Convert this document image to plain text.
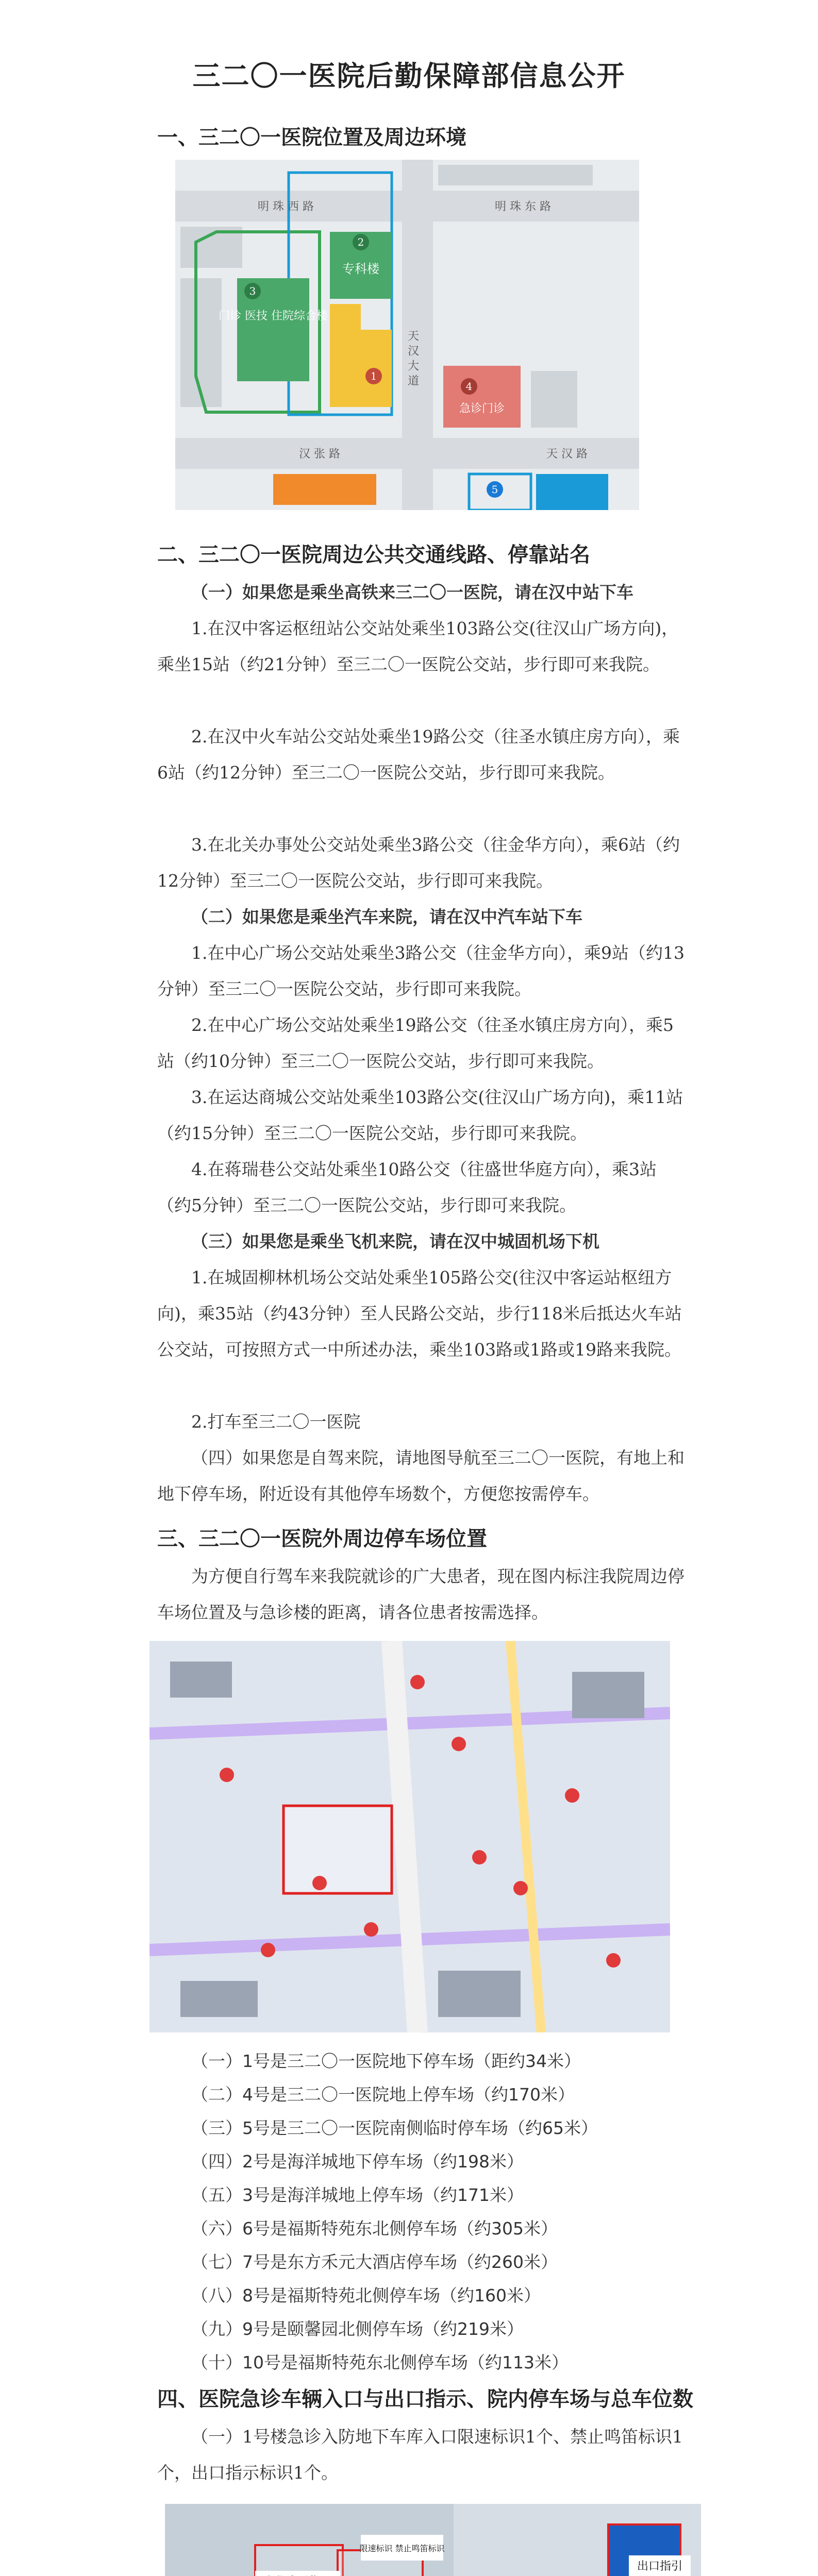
三二〇一医院后勤保障部信息公开
一、三二〇一医院位置及周边环境
3
门诊 医技 住院综合楼
2
专科楼
1
4
急诊门诊
5
明 珠 西 路	明 珠 东 路
天 汉 大 道
汉 张 路	天 汉 路
二、三二〇一医院周边公共交通线路、停靠站名

（一）如果您是乘坐高铁来三二〇一医院，请在汉中站下车

1.在汉中客运枢纽站公交站处乘坐103路公交(往汉山广场方向)，乘坐15站（约21分钟）至三二〇一医院公交站，步行即可来我院。

2.在汉中火车站公交站处乘坐19路公交（往圣水镇庄房方向），乘6站（约12分钟）至三二〇一医院公交站，步行即可来我院。

3.在北关办事处公交站处乘坐3路公交（往金华方向），乘6站（约12分钟）至三二〇一医院公交站，步行即可来我院。

（二）如果您是乘坐汽车来院，请在汉中汽车站下车

1.在中心广场公交站处乘坐3路公交（往金华方向），乘9站（约13分钟）至三二〇一医院公交站，步行即可来我院。

2.在中心广场公交站处乘坐19路公交（往圣水镇庄房方向），乘5站（约10分钟）至三二〇一医院公交站，步行即可来我院。

3.在运达商城公交站处乘坐103路公交(往汉山广场方向)，乘11站（约15分钟）至三二〇一医院公交站，步行即可来我院。

4.在蒋瑞巷公交站处乘坐10路公交（往盛世华庭方向），乘3站（约5分钟）至三二〇一医院公交站，步行即可来我院。

（三）如果您是乘坐飞机来院，请在汉中城固机场下机

1.在城固柳林机场公交站处乘坐105路公交(往汉中客运站枢纽方向)，乘35站（约43分钟）至人民路公交站，步行118米后抵达火车站公交站，可按照方式一中所述办法，乘坐103路或1路或19路来我院。

2.打车至三二〇一医院

（四）如果您是自驾来院，请地图导航至三二〇一医院，有地上和地下停车场，附近设有其他停车场数个，方便您按需停车。

三、三二〇一医院外周边停车场位置

为方便自行驾车来我院就诊的广大患者，现在图内标注我院周边停车场位置及与急诊楼的距离，请各位患者按需选择。

（一）1号是三二〇一医院地下停车场（距约34米）
（二）4号是三二〇一医院地上停车场（约170米）
（三）5号是三二〇一医院南侧临时停车场（约65米）
（四）2号是海洋城地下停车场（约198米）
（五）3号是海洋城地上停车场（约171米）
（六）6号是福斯特苑东北侧停车场（约305米）
（七）7号是东方禾元大酒店停车场（约260米）
（八）8号是福斯特苑北侧停车场（约160米）
（九）9号是颐馨园北侧停车场（约219米）
（十）10号是福斯特苑东北侧停车场（约113米）
四、医院急诊车辆入口与出口指示、院内停车场与总车位数

（一）1号楼急诊入防地下车库入口限速标识1个、禁止鸣笛标识1个，出口指示标识1个。

限速标识 禁止鸣笛标识
出口指引
